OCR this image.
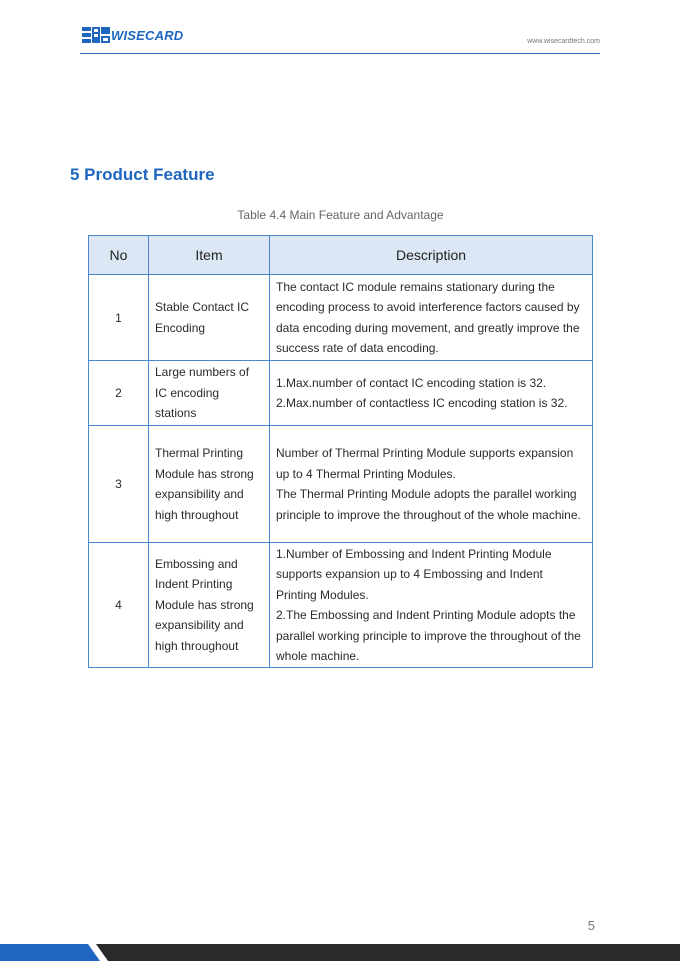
WISECARD	www.wisecardtech.com
5 Product Feature
Table 4.4 Main Feature and Advantage
No	Item	Description
1	Stable Contact IC Encoding	The contact IC module remains stationary during the encoding process to avoid interference factors caused by data encoding during movement, and greatly improve the success rate of data encoding.

2	Large numbers of IC encoding stations	1.Max.number of contact IC encoding station is 32.
2.Max.number of contactless IC encoding station is 32.

3	Thermal Printing Module has strong expansibility and high throughout	Number of Thermal Printing Module supports expansion up to 4 Thermal Printing Modules.
The Thermal Printing Module adopts the parallel working principle to improve the throughout of the whole machine.

4	Embossing and Indent Printing Module has strong expansibility and high throughout	1.Number of Embossing and Indent Printing Module supports expansion up to 4 Embossing and Indent Printing Modules.
2.The Embossing and Indent Printing Module adopts the parallel working principle to improve the throughout of the whole machine.
5
